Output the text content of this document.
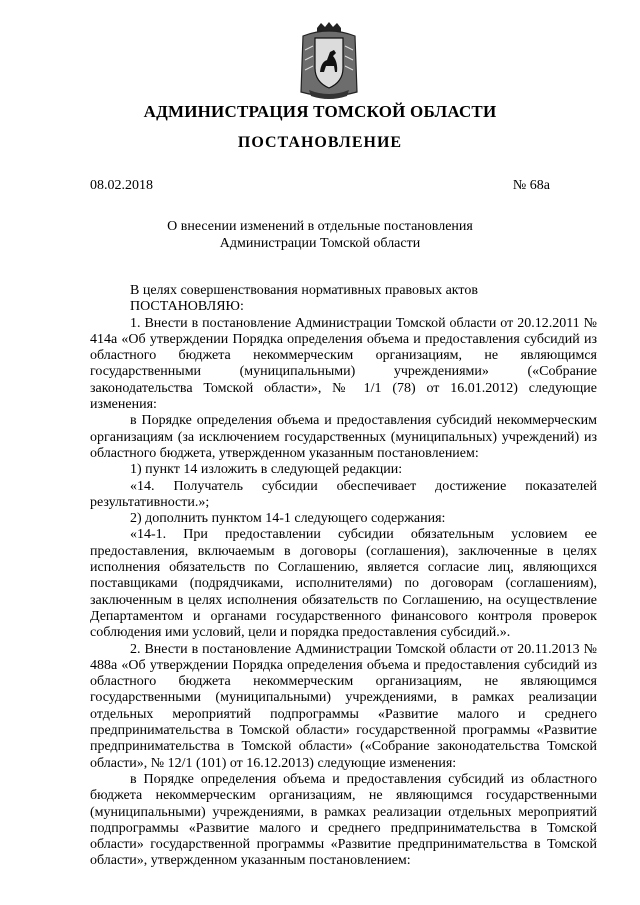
АДМИНИСТРАЦИЯ ТОМСКОЙ ОБЛАСТИ
ПОСТАНОВЛЕНИЕ
08.02.2018	№ 68а
О внесении изменений в отдельные постановления
Администрации Томской области

В целях совершенствования нормативных правовых актов

ПОСТАНОВЛЯЮ:

1. Внести в постановление Администрации Томской области от 20.12.2011 № 414а «Об утверждении Порядка определения объема и предоставления субсидий из областного бюджета некоммерческим организациям, не являющимся государственными (муниципальными) учреждениями» («Собрание законодательства Томской области», № 1/1 (78) от 16.01.2012) следующие изменения:

в Порядке определения объема и предоставления субсидий некоммерческим организациям (за исключением государственных (муниципальных) учреждений) из областного бюджета, утвержденном указанным постановлением:

1) пункт 14 изложить в следующей редакции:

«14. Получатель субсидии обеспечивает достижение показателей результативности.»;

2) дополнить пунктом 14-1 следующего содержания:

«14-1. При предоставлении субсидии обязательным условием ее предоставления, включаемым в договоры (соглашения), заключенные в целях исполнения обязательств по Соглашению, является согласие лиц, являющихся поставщиками (подрядчиками, исполнителями) по договорам (соглашениям), заключенным в целях исполнения обязательств по Соглашению, на осуществление Департаментом и органами государственного финансового контроля проверок соблюдения ими условий, цели и порядка предоставления субсидий.».

2. Внести в постановление Администрации Томской области от 20.11.2013 № 488а «Об утверждении Порядка определения объема и предоставления субсидий из областного бюджета некоммерческим организациям, не являющимся государственными (муниципальными) учреждениями, в рамках реализации отдельных мероприятий подпрограммы «Развитие малого и среднего предпринимательства в Томской области» государственной программы «Развитие предпринимательства в Томской области» («Собрание законодательства Томской области», № 12/1 (101) от 16.12.2013) следующие изменения:

в Порядке определения объема и предоставления субсидий из областного бюджета некоммерческим организациям, не являющимся государственными (муниципальными) учреждениями, в рамках реализации отдельных мероприятий подпрограммы «Развитие малого и среднего предпринимательства в Томской области» государственной программы «Развитие предпринимательства в Томской области», утвержденном указанным постановлением:
